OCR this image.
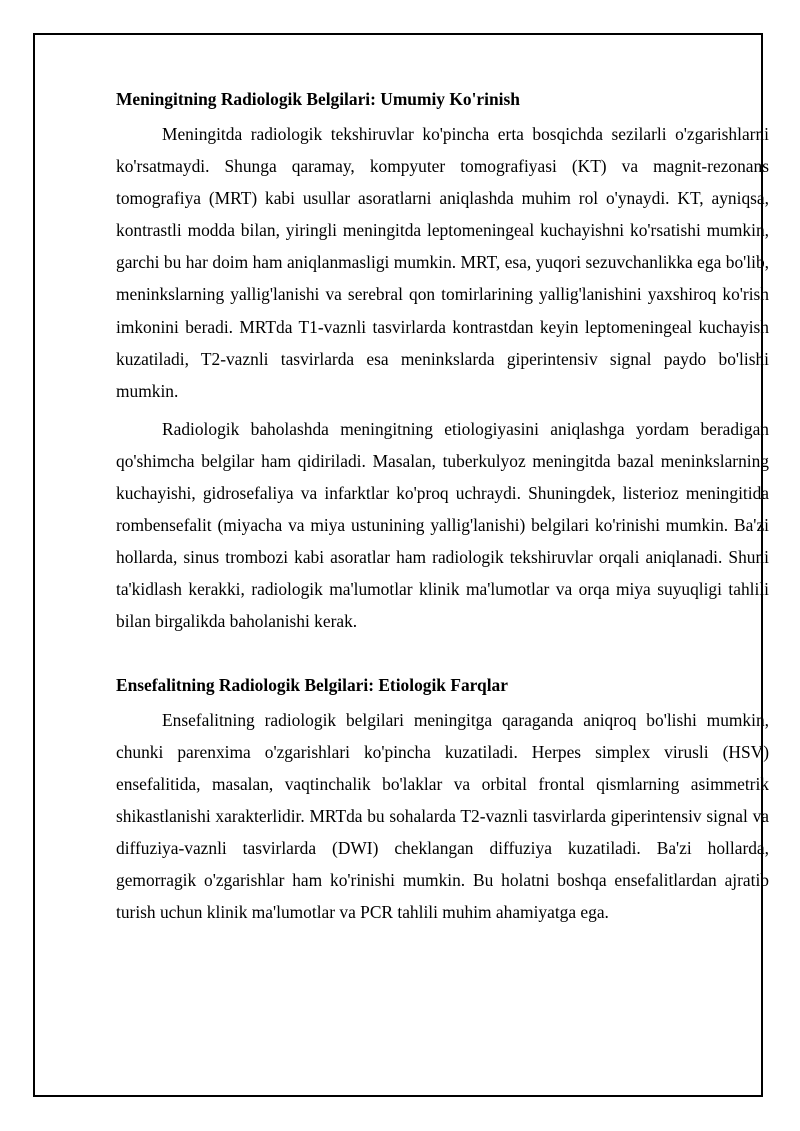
Meningitning Radiologik Belgilari: Umumiy Ko'rinish

Meningitda radiologik tekshiruvlar ko'pincha erta bosqichda sezilarli o'zgarishlarni ko'rsatmaydi. Shunga qaramay, kompyuter tomografiyasi (KT) va magnit-rezonans tomografiya (MRT) kabi usullar asoratlarni aniqlashda muhim rol o'ynaydi. KT, ayniqsa, kontrastli modda bilan, yiringli meningitda leptomeningeal kuchayishni ko'rsatishi mumkin, garchi bu har doim ham aniqlanmasligi mumkin. MRT, esa, yuqori sezuvchanlikka ega bo'lib, meninkslarning yallig'lanishi va serebral qon tomirlarining yallig'lanishini yaxshiroq ko'rish imkonini beradi. MRTda T1-vaznli tasvirlarda kontrastdan keyin leptomeningeal kuchayish kuzatiladi, T2-vaznli tasvirlarda esa meninkslarda giperintensiv signal paydo bo'lishi mumkin.

Radiologik baholashda meningitning etiologiyasini aniqlashga yordam beradigan qo'shimcha belgilar ham qidiriladi. Masalan, tuberkulyoz meningitda bazal meninkslarning kuchayishi, gidrosefaliya va infarktlar ko'proq uchraydi. Shuningdek, listerioz meningitida rombensefalit (miyacha va miya ustunining yallig'lanishi) belgilari ko'rinishi mumkin. Ba'zi hollarda, sinus trombozi kabi asoratlar ham radiologik tekshiruvlar orqali aniqlanadi. Shuni ta'kidlash kerakki, radiologik ma'lumotlar klinik ma'lumotlar va orqa miya suyuqligi tahlili bilan birgalikda baholanishi kerak.

Ensefalitning Radiologik Belgilari: Etiologik Farqlar

Ensefalitning radiologik belgilari meningitga qaraganda aniqroq bo'lishi mumkin, chunki parenxima o'zgarishlari ko'pincha kuzatiladi. Herpes simplex virusli (HSV) ensefalitida, masalan, vaqtinchalik bo'laklar va orbital frontal qismlarning asimmetrik shikastlanishi xarakterlidir. MRTda bu sohalarda T2-vaznli tasvirlarda giperintensiv signal va diffuziya-vaznli tasvirlarda (DWI) cheklangan diffuziya kuzatiladi. Ba'zi hollarda, gemorragik o'zgarishlar ham ko'rinishi mumkin. Bu holatni boshqa ensefalitlardan ajratib turish uchun klinik ma'lumotlar va PCR tahlili muhim ahamiyatga ega.
